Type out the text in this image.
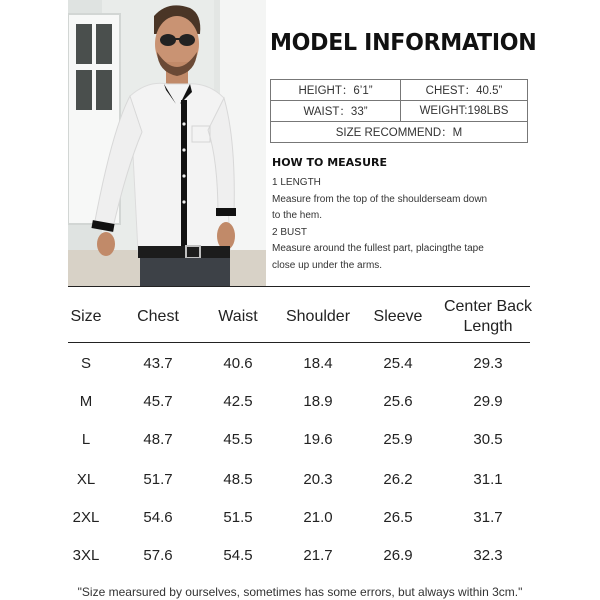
MODEL INFORMATION
HEIGHT：6’1”	CHEST：40.5”
WAIST：33”	WEIGHT:198LBS
SIZE RECOMMEND：M	
HOW TO MEASURE
1 LENGTH
Measure from the top of the shoulderseam down
to the hem.
2 BUST
Measure around the fullest part, placingthe tape
close up under the arms.
Size	Chest	Waist	Shoulder	Sleeve
Center Back Length
S	43.7	40.6	18.4	25.4	29.3
M	45.7	42.5	18.9	25.6	29.9
L	48.7	45.5	19.6	25.9	30.5
XL	51.7	48.5	20.3	26.2	31.1
2XL	54.6	51.5	21.0	26.5	31.7
3XL	57.6	54.5	21.7	26.9	32.3
"Size mearsured by ourselves, sometimes has some errors, but always within 3cm."
